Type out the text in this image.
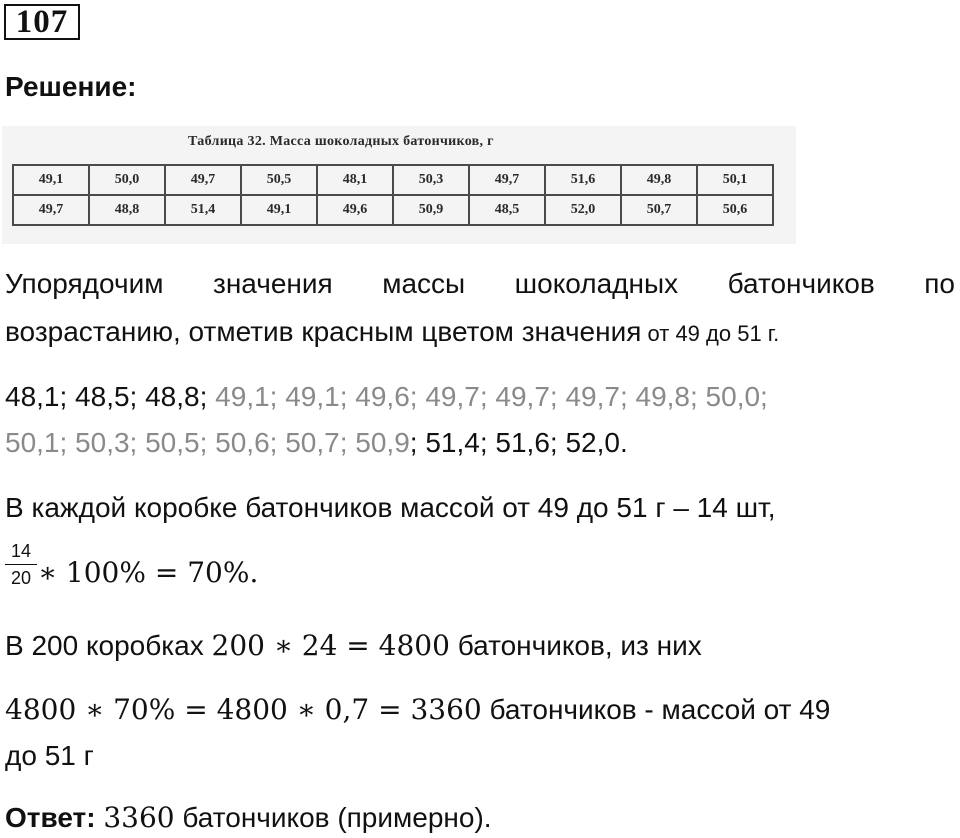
107
Решение:
Таблица 32. Масса шоколадных батончиков, г
49,1	50,0	49,7	50,5	48,1	50,3	49,7	51,6	49,8	50,1
49,7	48,8	51,4	49,1	49,6	50,9	48,5	52,0	50,7	50,6
Упорядочим значения массы шоколадных батончиков по
возрастанию, отметив красным цветом значения от 49 до 51 г.
48,1; 48,5; 48,8; 49,1; 49,1; 49,6; 49,7; 49,7; 49,7; 49,8; 50,0;
50,1; 50,3; 50,5; 50,6; 50,7; 50,9; 51,4; 51,6; 52,0.
В каждой коробке батончиков массой от 49 до 51 г – 14 шт,
$\frac{14}{20}$ ∗ 100% = 70%.
В 200 коробках 200 ∗ 24 = 4800 батончиков, из них
4800 ∗ 70% = 4800 ∗ 0,7 = 3360 батончиков - массой от 49
до 51 г
Ответ: 3360 батончиков (примерно).
